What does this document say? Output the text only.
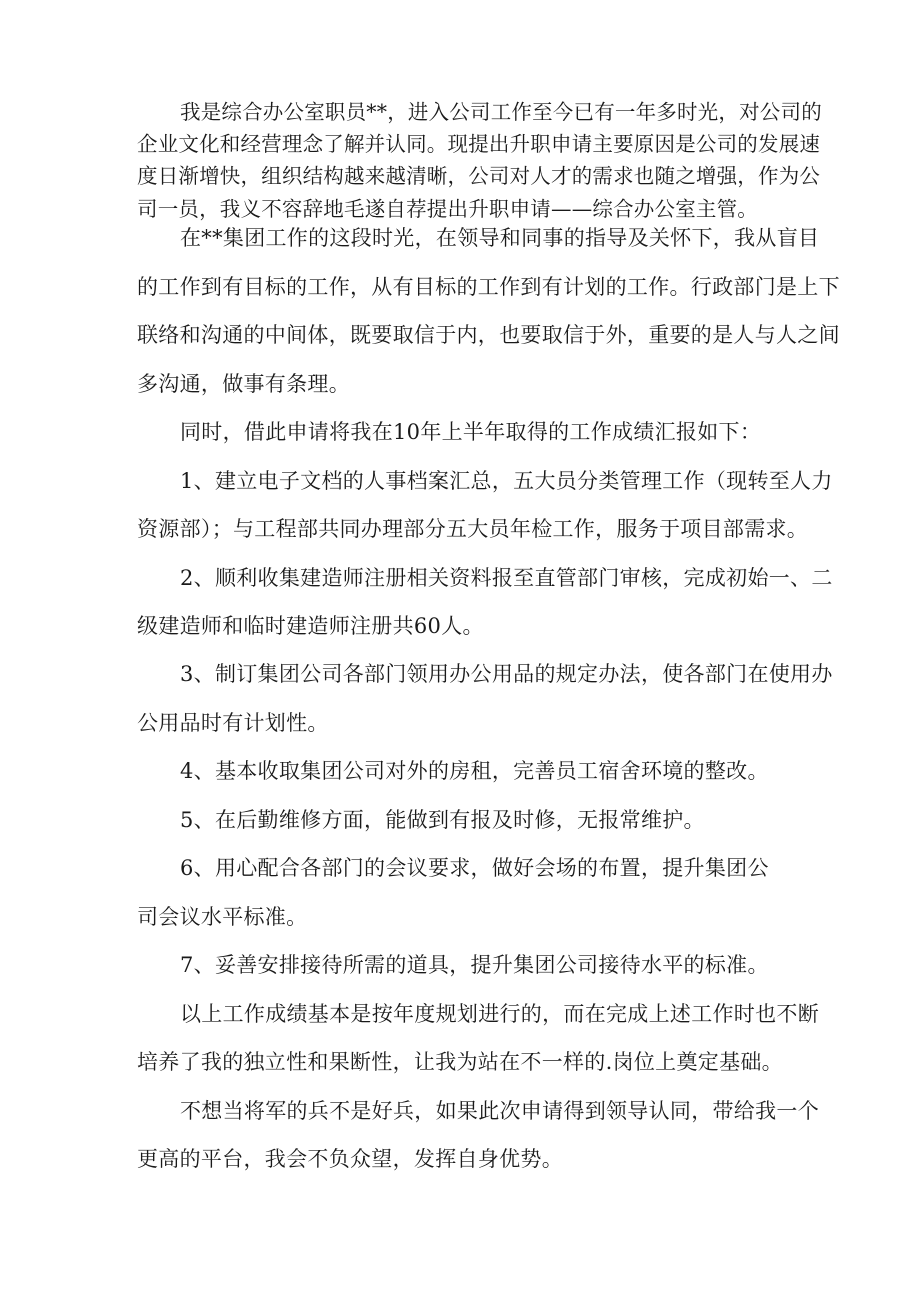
我是综合办公室职员**，进入公司工作至今已有一年多时光，对公司的
企业文化和经营理念了解并认同。现提出升职申请主要原因是公司的发展速
度日渐增快，组织结构越来越清晰，公司对人才的需求也随之增强，作为公
司一员，我义不容辞地毛遂自荐提出升职申请——综合办公室主管。
在**集团工作的这段时光，在领导和同事的指导及关怀下，我从盲目
的工作到有目标的工作，从有目标的工作到有计划的工作。行政部门是上下
联络和沟通的中间体，既要取信于内，也要取信于外，重要的是人与人之间
多沟通，做事有条理。
同时，借此申请将我在10年上半年取得的工作成绩汇报如下：
1、建立电子文档的人事档案汇总，五大员分类管理工作（现转至人力
资源部）；与工程部共同办理部分五大员年检工作，服务于项目部需求。
2、顺利收集建造师注册相关资料报至直管部门审核，完成初始一、二
级建造师和临时建造师注册共60人。
3、制订集团公司各部门领用办公用品的规定办法，使各部门在使用办
公用品时有计划性。
4、基本收取集团公司对外的房租，完善员工宿舍环境的整改。
5、在后勤维修方面，能做到有报及时修，无报常维护。
6、用心配合各部门的会议要求，做好会场的布置，提升集团公
司会议水平标准。
7、妥善安排接待所需的道具，提升集团公司接待水平的标准。
以上工作成绩基本是按年度规划进行的，而在完成上述工作时也不断
培养了我的独立性和果断性，让我为站在不一样的.岗位上奠定基础。
不想当将军的兵不是好兵，如果此次申请得到领导认同，带给我一个
更高的平台，我会不负众望，发挥自身优势。
